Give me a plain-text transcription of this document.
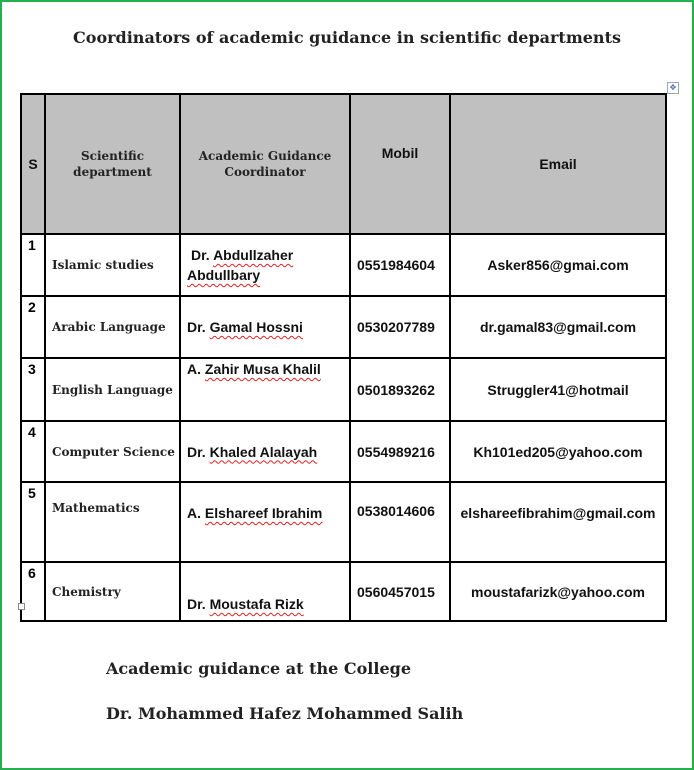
Coordinators of academic guidance in scientific departments
✥
S	Scientific department	Academic Guidance Coordinator	Mobil	Email
1	Islamic studies	Dr. Abdullzaher Abdullbary	0551984604	Asker856@gmai.com
2	Arabic Language	Dr. Gamal Hossni	0530207789	dr.gamal83@gmail.com
3	English Language	A. Zahir Musa Khalil	0501893262	Struggler41@hotmail
4	Computer Science	Dr. Khaled Alalayah	0554989216	Kh101ed205@yahoo.com
5	Mathematics	A. Elshareef Ibrahim	0538014606	elshareefibrahim@gmail.com
6	Chemistry	Dr. Moustafa Rizk	0560457015	moustafarizk@yahoo.com
Academic guidance at the College
Dr. Mohammed Hafez Mohammed Salih
